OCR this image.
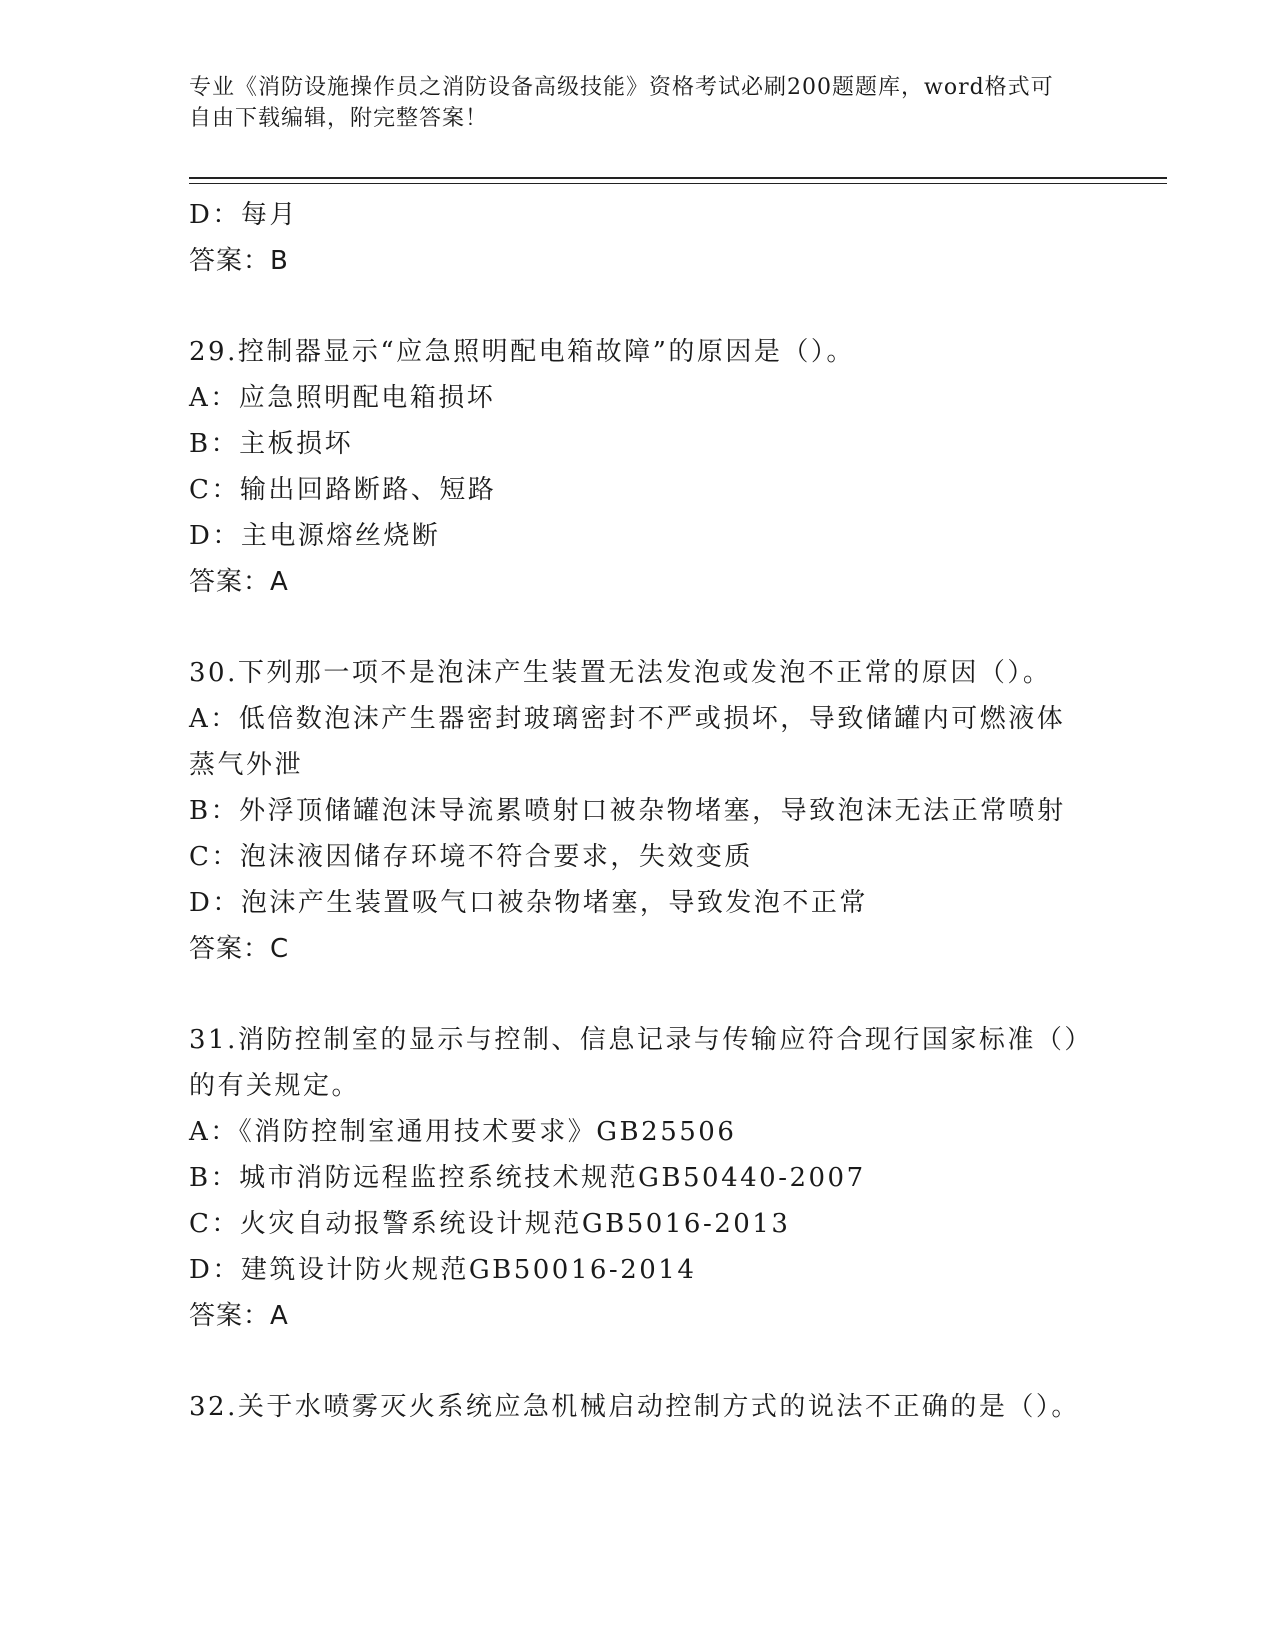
专业《消防设施操作员之消防设备高级技能》资格考试必刷200题题库，word格式可自由下载编辑，附完整答案！
D：每月
答案：B
29.控制器显示“应急照明配电箱故障”的原因是（）。
A：应急照明配电箱损坏
B：主板损坏
C：输出回路断路、短路
D：主电源熔丝烧断
答案：A
30.下列那一项不是泡沫产生装置无法发泡或发泡不正常的原因（）。
A：低倍数泡沫产生器密封玻璃密封不严或损坏，导致储罐内可燃液体蒸气外泄
B：外浮顶储罐泡沫导流累喷射口被杂物堵塞，导致泡沫无法正常喷射
C：泡沫液因储存环境不符合要求，失效变质
D：泡沫产生装置吸气口被杂物堵塞，导致发泡不正常
答案：C
31.消防控制室的显示与控制、信息记录与传输应符合现行国家标准（）的有关规定。
A：《消防控制室通用技术要求》GB25506
B：城市消防远程监控系统技术规范GB50440-2007
C：火灾自动报警系统设计规范GB5016-2013
D：建筑设计防火规范GB50016-2014
答案：A
32.关于水喷雾灭火系统应急机械启动控制方式的说法不正确的是（）。
